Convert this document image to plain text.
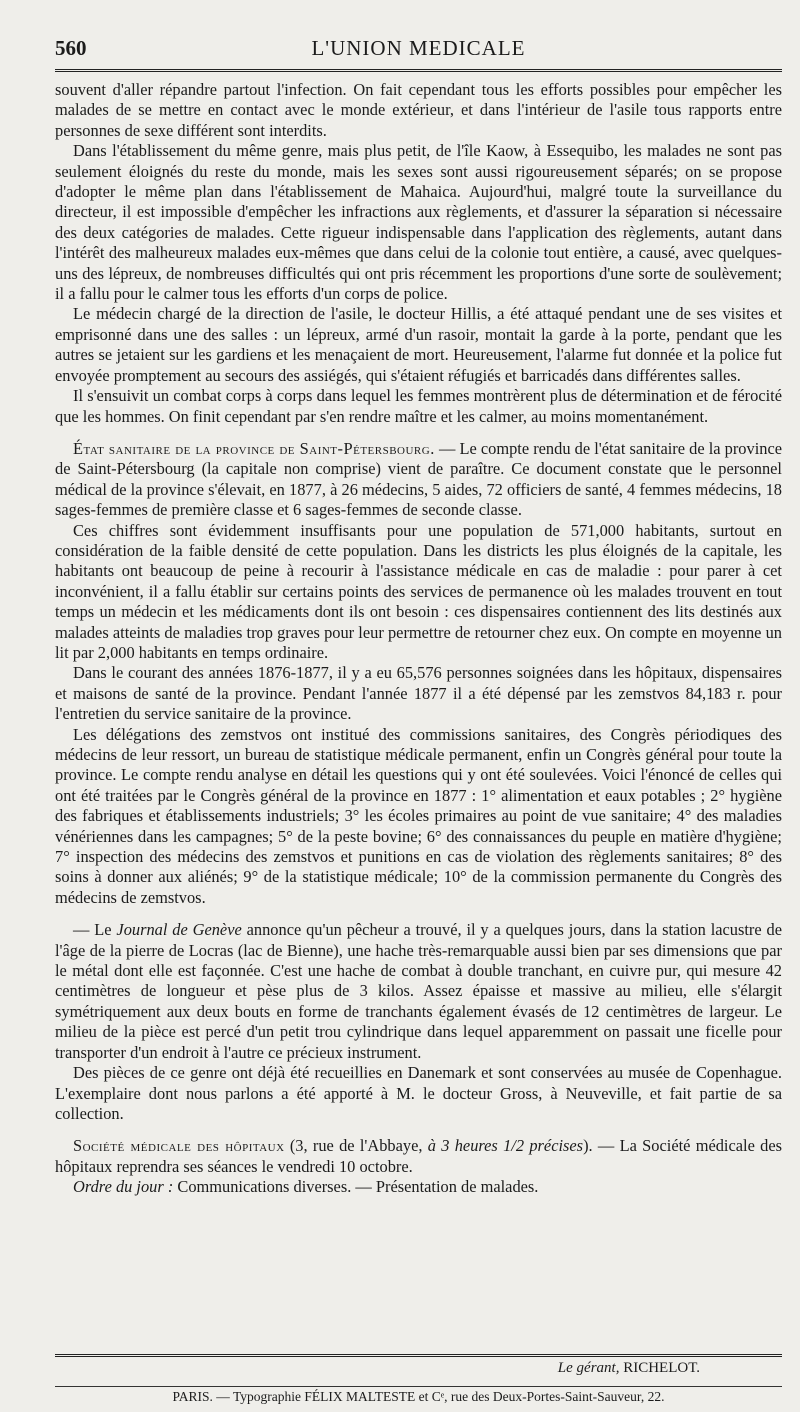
560	L'UNION MEDICALE

souvent d'aller répandre partout l'infection. On fait cependant tous les efforts possibles pour empêcher les malades de se mettre en contact avec le monde extérieur, et dans l'intérieur de l'asile tous rapports entre personnes de sexe différent sont interdits.

Dans l'établissement du même genre, mais plus petit, de l'île Kaow, à Essequibo, les malades ne sont pas seulement éloignés du reste du monde, mais les sexes sont aussi rigoureusement séparés; on se propose d'adopter le même plan dans l'établissement de Mahaica. Aujourd'hui, malgré toute la surveillance du directeur, il est impossible d'empêcher les infractions aux règlements, et d'assurer la séparation si nécessaire des deux catégories de malades. Cette rigueur indispensable dans l'application des règlements, autant dans l'intérêt des malheureux malades eux-mêmes que dans celui de la colonie tout entière, a causé, avec quelques-uns des lépreux, de nombreuses difficultés qui ont pris récemment les proportions d'une sorte de soulèvement; il a fallu pour le calmer tous les efforts d'un corps de police.

Le médecin chargé de la direction de l'asile, le docteur Hillis, a été attaqué pendant une de ses visites et emprisonné dans une des salles : un lépreux, armé d'un rasoir, montait la garde à la porte, pendant que les autres se jetaient sur les gardiens et les menaçaient de mort. Heureusement, l'alarme fut donnée et la police fut envoyée promptement au secours des assiégés, qui s'étaient réfugiés et barricadés dans différentes salles.

Il s'ensuivit un combat corps à corps dans lequel les femmes montrèrent plus de détermination et de férocité que les hommes. On finit cependant par s'en rendre maître et les calmer, au moins momentanément.

État sanitaire de la province de Saint-Pétersbourg. — Le compte rendu de l'état sanitaire de la province de Saint-Pétersbourg (la capitale non comprise) vient de paraître. Ce document constate que le personnel médical de la province s'élevait, en 1877, à 26 médecins, 5 aides, 72 officiers de santé, 4 femmes médecins, 18 sages-femmes de première classe et 6 sages-femmes de seconde classe.

Ces chiffres sont évidemment insuffisants pour une population de 571,000 habitants, surtout en considération de la faible densité de cette population. Dans les districts les plus éloignés de la capitale, les habitants ont beaucoup de peine à recourir à l'assistance médicale en cas de maladie : pour parer à cet inconvénient, il a fallu établir sur certains points des services de permanence où les malades trouvent en tout temps un médecin et les médicaments dont ils ont besoin : ces dispensaires contiennent des lits destinés aux malades atteints de maladies trop graves pour leur permettre de retourner chez eux. On compte en moyenne un lit par 2,000 habitants en temps ordinaire.

Dans le courant des années 1876-1877, il y a eu 65,576 personnes soignées dans les hôpitaux, dispensaires et maisons de santé de la province. Pendant l'année 1877 il a été dépensé par les zemstvos 84,183 r. pour l'entretien du service sanitaire de la province.

Les délégations des zemstvos ont institué des commissions sanitaires, des Congrès périodiques des médecins de leur ressort, un bureau de statistique médicale permanent, enfin un Congrès général pour toute la province. Le compte rendu analyse en détail les questions qui y ont été soulevées. Voici l'énoncé de celles qui ont été traitées par le Congrès général de la province en 1877 : 1° alimentation et eaux potables ; 2° hygiène des fabriques et établissements industriels; 3° les écoles primaires au point de vue sanitaire; 4° des maladies vénériennes dans les campagnes; 5° de la peste bovine; 6° des connaissances du peuple en matière d'hygiène; 7° inspection des médecins des zemstvos et punitions en cas de violation des règlements sanitaires; 8° des soins à donner aux aliénés; 9° de la statistique médicale; 10° de la commission permanente du Congrès des médecins de zemstvos.

— Le Journal de Genève annonce qu'un pêcheur a trouvé, il y a quelques jours, dans la station lacustre de l'âge de la pierre de Locras (lac de Bienne), une hache très-remarquable aussi bien par ses dimensions que par le métal dont elle est façonnée. C'est une hache de combat à double tranchant, en cuivre pur, qui mesure 42 centimètres de longueur et pèse plus de 3 kilos. Assez épaisse et massive au milieu, elle s'élargit symétriquement aux deux bouts en forme de tranchants également évasés de 12 centimètres de largeur. Le milieu de la pièce est percé d'un petit trou cylindrique dans lequel apparemment on passait une ficelle pour transporter d'un endroit à l'autre ce précieux instrument.

Des pièces de ce genre ont déjà été recueillies en Danemark et sont conservées au musée de Copenhague. L'exemplaire dont nous parlons a été apporté à M. le docteur Gross, à Neuveville, et fait partie de sa collection.

Société médicale des hôpitaux (3, rue de l'Abbaye, à 3 heures 1/2 précises). — La Société médicale des hôpitaux reprendra ses séances le vendredi 10 octobre.

Ordre du jour : Communications diverses. — Présentation de malades.

Le gérant, RICHELOT.
PARIS. — Typographie FÉLIX MALTESTE et Cᵉ, rue des Deux-Portes-Saint-Sauveur, 22.
